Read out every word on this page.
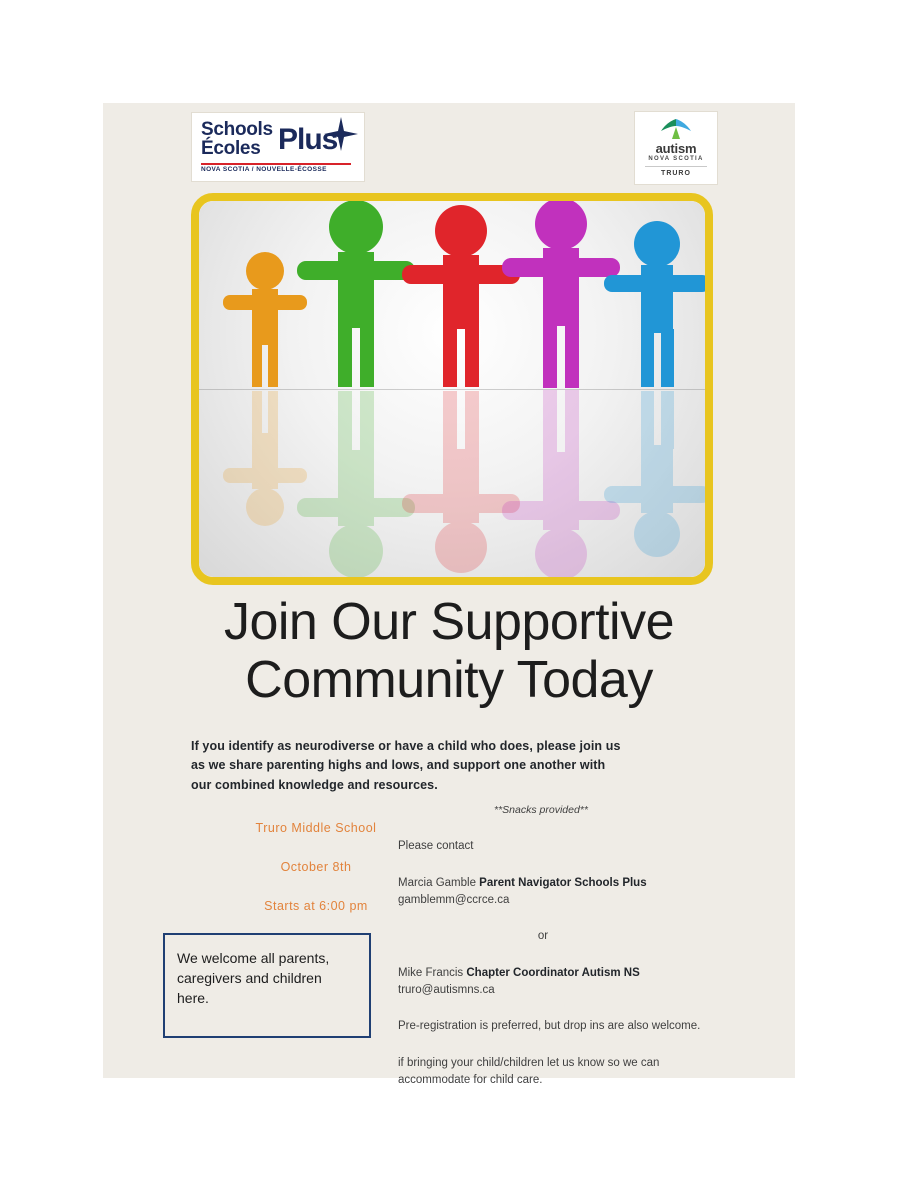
Schools
Écoles Plus
NOVA SCOTIA / NOUVELLE-ÉCOSSE
autism
NOVA SCOTIA
TRURO
Join Our Supportive Community Today
If you identify as neurodiverse or have a child who does, please join us as we share parenting highs and lows, and support one another with our combined knowledge and resources.
Truro Middle School
October 8th
Starts at 6:00 pm
We welcome all parents, caregivers and children here.

**Snacks provided**

Please contact

Marcia Gamble Parent Navigator Schools Plus
gamblemm@ccrce.ca

or

Mike Francis Chapter Coordinator Autism NS
truro@autismns.ca

Pre-registration is preferred, but drop ins are also welcome.

if bringing your child/children let us know so we can accommodate for child care.
